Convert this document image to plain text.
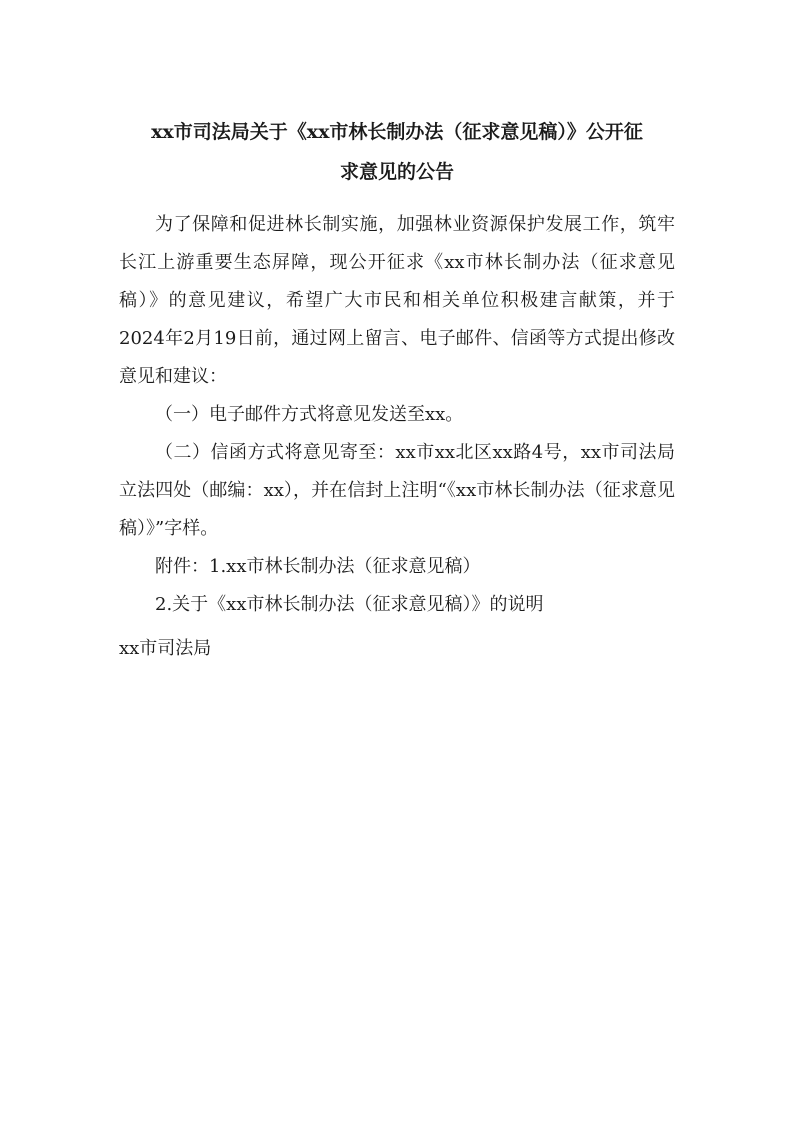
xx市司法局关于《xx市林长制办法（征求意见稿）》公开征
求意见的公告

为了保障和促进林长制实施，加强林业资源保护发展工作，筑牢长江上游重要生态屏障，现公开征求《xx市林长制办法（征求意见稿）》的意见建议，希望广大市民和相关单位积极建言献策，并于2024年2月19日前，通过网上留言、电子邮件、信函等方式提出修改意见和建议：

（一）电子邮件方式将意见发送至xx。

（二）信函方式将意见寄至：xx市xx北区xx路4号，xx市司法局立法四处（邮编：xx），并在信封上注明“《xx市林长制办法（征求意见稿）》”字样。

附件：1.xx市林长制办法（征求意见稿）

2.关于《xx市林长制办法（征求意见稿）》的说明

xx市司法局
